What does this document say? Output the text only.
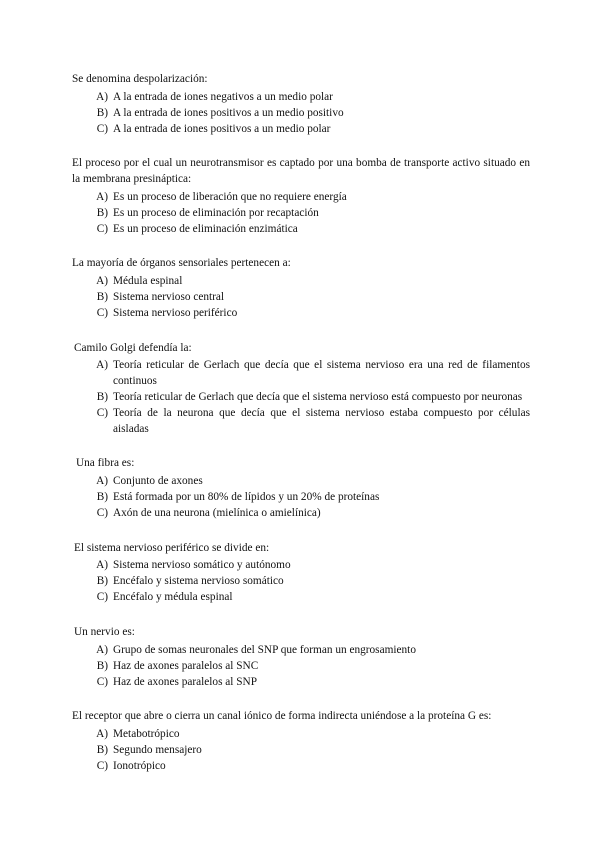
Se denomina despolarización:

A) A la entrada de iones negativos a un medio polar
B) A la entrada de iones positivos a un medio positivo
C) A la entrada de iones positivos a un medio polar

El proceso por el cual un neurotransmisor es captado por una bomba de transporte activo situado en la membrana presináptica:

A) Es un proceso de liberación que no requiere energía
B) Es un proceso de eliminación por recaptación
C) Es un proceso de eliminación enzimática

La mayoría de órganos sensoriales pertenecen a:

A) Médula espinal
B) Sistema nervioso central
C) Sistema nervioso periférico

Camilo Golgi defendía la:

A) Teoría reticular de Gerlach que decía que el sistema nervioso era una red de filamentos continuos
B) Teoría reticular de Gerlach que decía que el sistema nervioso está compuesto por neuronas
C) Teoría de la neurona que decía que el sistema nervioso estaba compuesto por células aisladas

Una fibra es:

A) Conjunto de axones
B) Está formada por un 80% de lípidos y un 20% de proteínas
C) Axón de una neurona (mielínica o amielínica)

El sistema nervioso periférico se divide en:

A) Sistema nervioso somático y autónomo
B) Encéfalo y sistema nervioso somático
C) Encéfalo y médula espinal

Un nervio es:

A) Grupo de somas neuronales del SNP que forman un engrosamiento
B) Haz de axones paralelos al SNC
C) Haz de axones paralelos al SNP

El receptor que abre o cierra un canal iónico de forma indirecta uniéndose a la proteína G es:

A) Metabotrópico
B) Segundo mensajero
C) Ionotrópico
